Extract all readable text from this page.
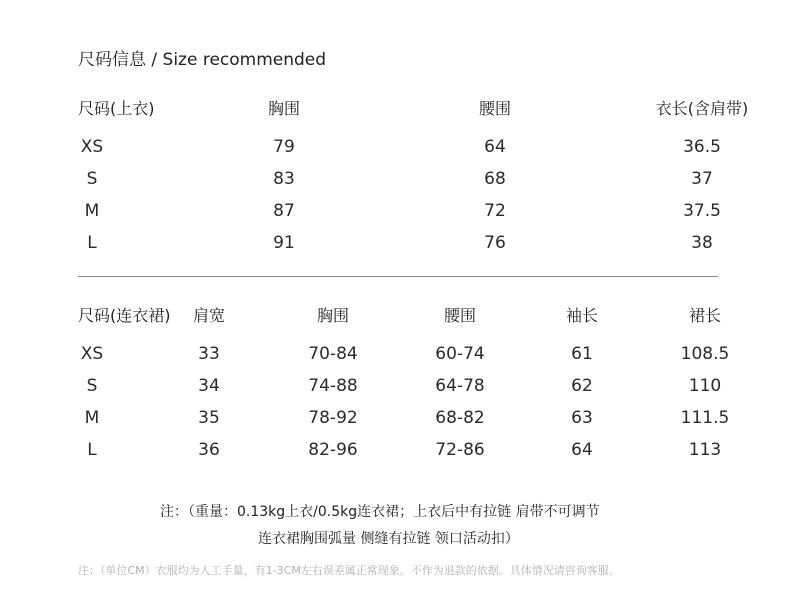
尺码信息 / Size recommended
尺码(上衣)	胸围	腰围	衣长(含肩带)
XS	79	64	36.5
S	83	68	37
M	87	72	37.5
L	91	76	38
尺码(连衣裙) 肩宽	胸围	腰围	袖长	裙长
XS	33	70-84	60-74	61	108.5
S	34	74-88	64-78	62	110
M	35	78-92	68-82	63	111.5
L	36	82-96	72-86	64	113
注：（重量：0.13kg上衣/0.5kg连衣裙；上衣后中有拉链 肩带不可调节
连衣裙胸围弧量 侧缝有拉链 领口活动扣）
注：（单位CM）衣服均为人工手量，有1-3CM左右误差属正常现象。不作为退款的依据。具体情况请咨询客服。
